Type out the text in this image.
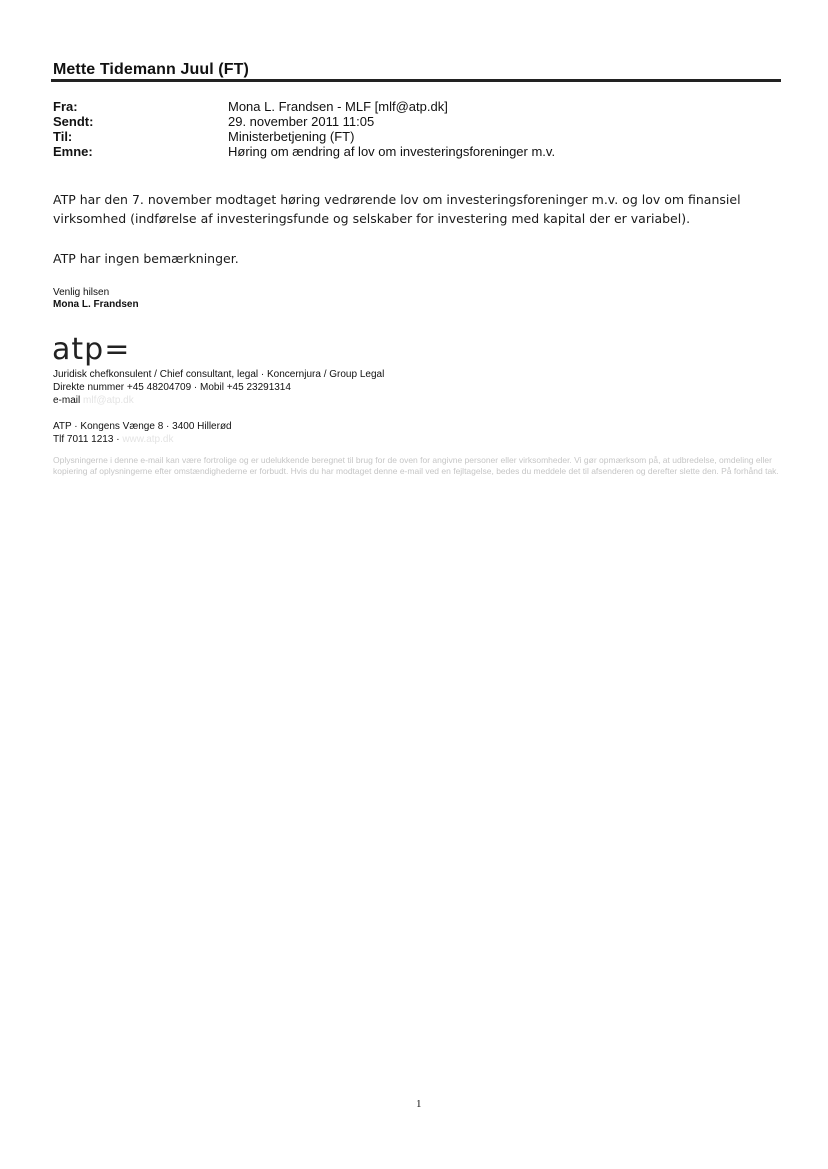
Mette Tidemann Juul (FT)
Fra:	Mona L. Frandsen - MLF [mlf@atp.dk]
Sendt:	29. november 2011 11:05
Til:	Ministerbetjening (FT)
Emne:	Høring om ændring af lov om investeringsforeninger m.v.
ATP har den 7. november modtaget høring vedrørende lov om investeringsforeninger m.v. og lov om finansiel virksomhed (indførelse af investeringsfunde og selskaber for investering med kapital der er variabel).
ATP har ingen bemærkninger.
Venlig hilsen
Mona L. Frandsen
atp=
Juridisk chefkonsulent / Chief consultant, legal · Koncernjura / Group Legal
Direkte nummer +45 48204709 · Mobil +45 23291314
e-mail mlf@atp.dk
ATP · Kongens Vænge 8 · 3400 Hillerød
Tlf 7011 1213 · www.atp.dk
Oplysningerne i denne e-mail kan være fortrolige og er udelukkende beregnet til brug for de oven for angivne personer eller virksomheder. Vi gør opmærksom på, at udbredelse, omdeling eller kopiering af oplysningerne efter omstændighederne er forbudt. Hvis du har modtaget denne e-mail ved en fejltagelse, bedes du meddele det til afsenderen og derefter slette den. På forhånd tak.
1
